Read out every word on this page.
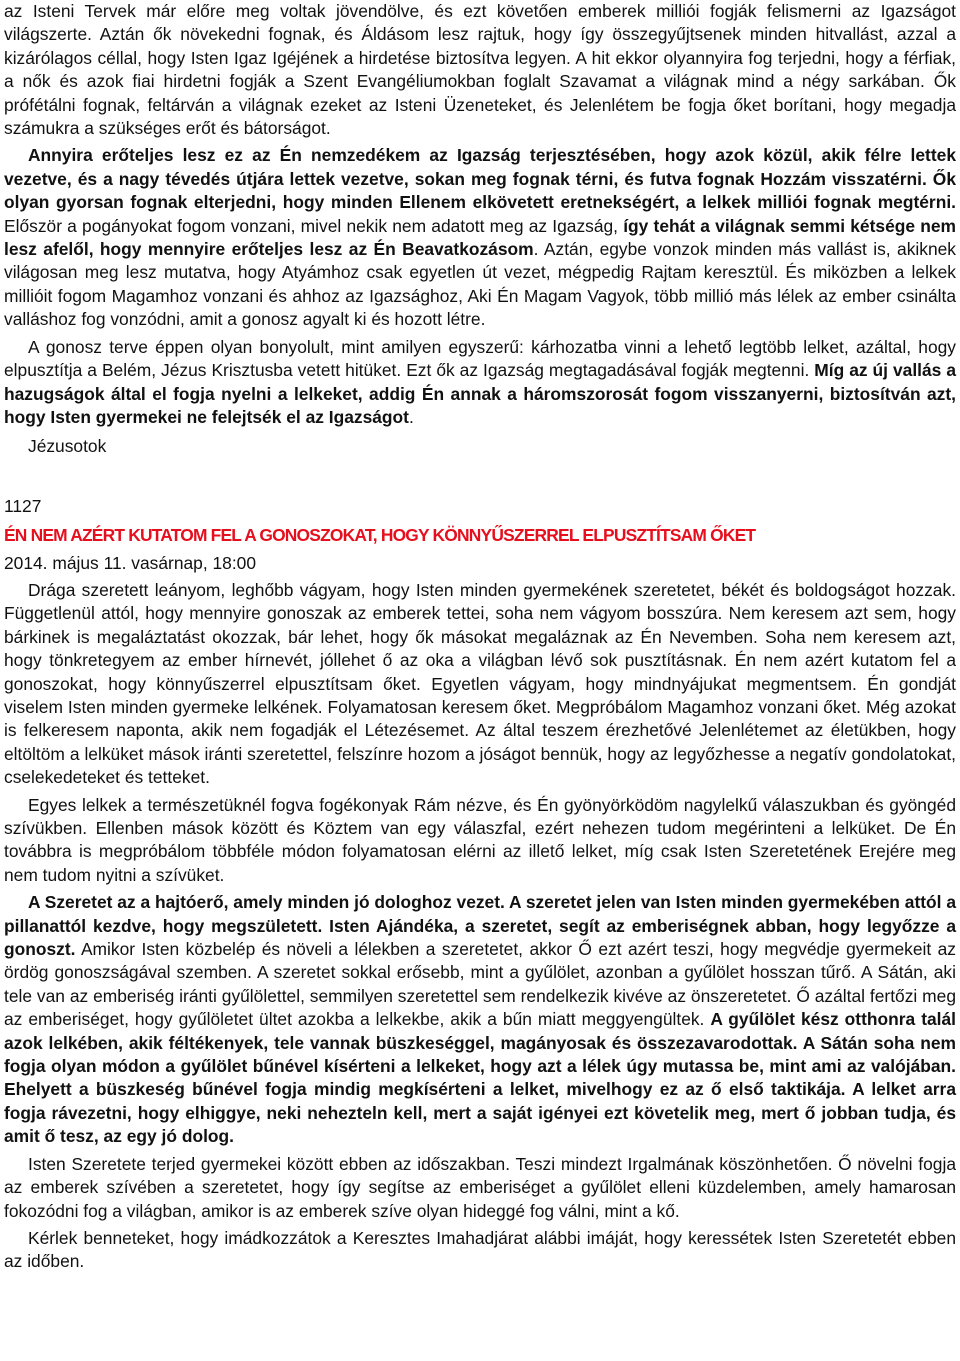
az Isteni Tervek már előre meg voltak jövendölve, és ezt követően emberek milliói fogják felismerni az Igazságot világszerte. Aztán ők növekedni fognak, és Áldásom lesz rajtuk, hogy így összegyűjtsenek minden hitvallást, azzal a kizárólagos céllal, hogy Isten Igaz Igéjének a hirdetése biztosítva legyen. A hit ekkor olyannyira fog terjedni, hogy a férfiak, a nők és azok fiai hirdetni fogják a Szent Evangéliumokban foglalt Szavamat a világnak mind a négy sarkában. Ők prófétálni fognak, feltárván a világnak ezeket az Isteni Üzeneteket, és Jelenlétem be fogja őket borítani, hogy megadja számukra a szükséges erőt és bátorságot.

Annyira erőteljes lesz ez az Én nemzedékem az Igazság terjesztésében, hogy azok közül, akik félre lettek vezetve, és a nagy tévedés útjára lettek vezetve, sokan meg fognak térni, és futva fognak Hozzám visszatérni. Ők olyan gyorsan fognak elterjedni, hogy minden Ellenem elkövetett eretnekségért, a lelkek milliói fognak megtérni. Először a pogányokat fogom vonzani, mivel nekik nem adatott meg az Igazság, így tehát a világnak semmi kétsége nem lesz afelől, hogy mennyire erőteljes lesz az Én Beavatkozásom. Aztán, egybe vonzok minden más vallást is, akiknek világosan meg lesz mutatva, hogy Atyámhoz csak egyetlen út vezet, mégpedig Rajtam keresztül. És miközben a lelkek millióit fogom Magamhoz vonzani és ahhoz az Igazsághoz, Aki Én Magam Vagyok, több millió más lélek az ember csinálta valláshoz fog vonzódni, amit a gonosz agyalt ki és hozott létre.

A gonosz terve éppen olyan bonyolult, mint amilyen egyszerű: kárhozatba vinni a lehető legtöbb lelket, azáltal, hogy elpusztítja a Belém, Jézus Krisztusba vetett hitüket. Ezt ők az Igazság megtagadásával fogják megtenni. Míg az új vallás a hazugságok által el fogja nyelni a lelkeket, addig Én annak a háromszorosát fogom visszanyerni, biztosítván azt, hogy Isten gyermekei ne felejtsék el az Igazságot.

Jézusotok
1127
ÉN NEM AZÉRT KUTATOM FEL A GONOSZOKAT, HOGY KÖNNYŰSZERREL ELPUSZTÍTSAM ŐKET
2014. május 11. vasárnap, 18:00

Drága szeretett leányom, leghőbb vágyam, hogy Isten minden gyermekének szeretetet, békét és boldogságot hozzak. Függetlenül attól, hogy mennyire gonoszak az emberek tettei, soha nem vágyom bosszúra. Nem keresem azt sem, hogy bárkinek is megaláztatást okozzak, bár lehet, hogy ők másokat megaláznak az Én Nevemben. Soha nem keresem azt, hogy tönkretegyem az ember hírnevét, jóllehet ő az oka a világban lévő sok pusztításnak. Én nem azért kutatom fel a gonoszokat, hogy könnyűszerrel elpusztítsam őket. Egyetlen vágyam, hogy mindnyájukat megmentsem. Én gondját viselem Isten minden gyermeke lelkének. Folyamatosan keresem őket. Megpróbálom Magamhoz vonzani őket. Még azokat is felkeresem naponta, akik nem fogadják el Létezésemet. Az által teszem érezhetővé Jelenlétemet az életükben, hogy eltöltöm a lelküket mások iránti szeretettel, felszínre hozom a jóságot bennük, hogy az legyőzhesse a negatív gondolatokat, cselekedeteket és tetteket.

Egyes lelkek a természetüknél fogva fogékonyak Rám nézve, és Én gyönyörködöm nagylelkű válaszukban és gyöngéd szívükben. Ellenben mások között és Köztem van egy válaszfal, ezért nehezen tudom megérinteni a lelküket. De Én továbbra is megpróbálom többféle módon folyamatosan elérni az illető lelket, míg csak Isten Szeretetének Erejére meg nem tudom nyitni a szívüket.

A Szeretet az a hajtóerő, amely minden jó dologhoz vezet. A szeretet jelen van Isten minden gyermekében attól a pillanattól kezdve, hogy megszületett. Isten Ajándéka, a szeretet, segít az emberiségnek abban, hogy legyőzze a gonoszt. Amikor Isten közbelép és növeli a lélekben a szeretetet, akkor Ő ezt azért teszi, hogy megvédje gyermekeit az ördög gonoszságával szemben. A szeretet sokkal erősebb, mint a gyűlölet, azonban a gyűlölet hosszan tűrő. A Sátán, aki tele van az emberiség iránti gyűlölettel, semmilyen szeretettel sem rendelkezik kivéve az önszeretetet. Ő azáltal fertőzi meg az emberiséget, hogy gyűlöletet ültet azokba a lelkekbe, akik a bűn miatt meggyengültek. A gyűlölet kész otthonra talál azok lelkében, akik féltékenyek, tele vannak büszkeséggel, magányosak és összezavarodottak. A Sátán soha nem fogja olyan módon a gyűlölet bűnével kísérteni a lelkeket, hogy azt a lélek úgy mutassa be, mint ami az valójában. Ehelyett a büszkeség bűnével fogja mindig megkísérteni a lelket, mivelhogy ez az ő első taktikája. A lelket arra fogja rávezetni, hogy elhiggye, neki nehezteln kell, mert a saját igényei ezt követelik meg, mert ő jobban tudja, és amit ő tesz, az egy jó dolog.

Isten Szeretete terjed gyermekei között ebben az időszakban. Teszi mindezt Irgalmának köszönhetően. Ő növelni fogja az emberek szívében a szeretetet, hogy így segítse az emberiséget a gyűlölet elleni küzdelemben, amely hamarosan fokozódni fog a világban, amikor is az emberek szíve olyan hideggé fog válni, mint a kő.

Kérlek benneteket, hogy imádkozzátok a Keresztes Imahadjárat alábbi imáját, hogy keressétek Isten Szeretetét ebben az időben.
